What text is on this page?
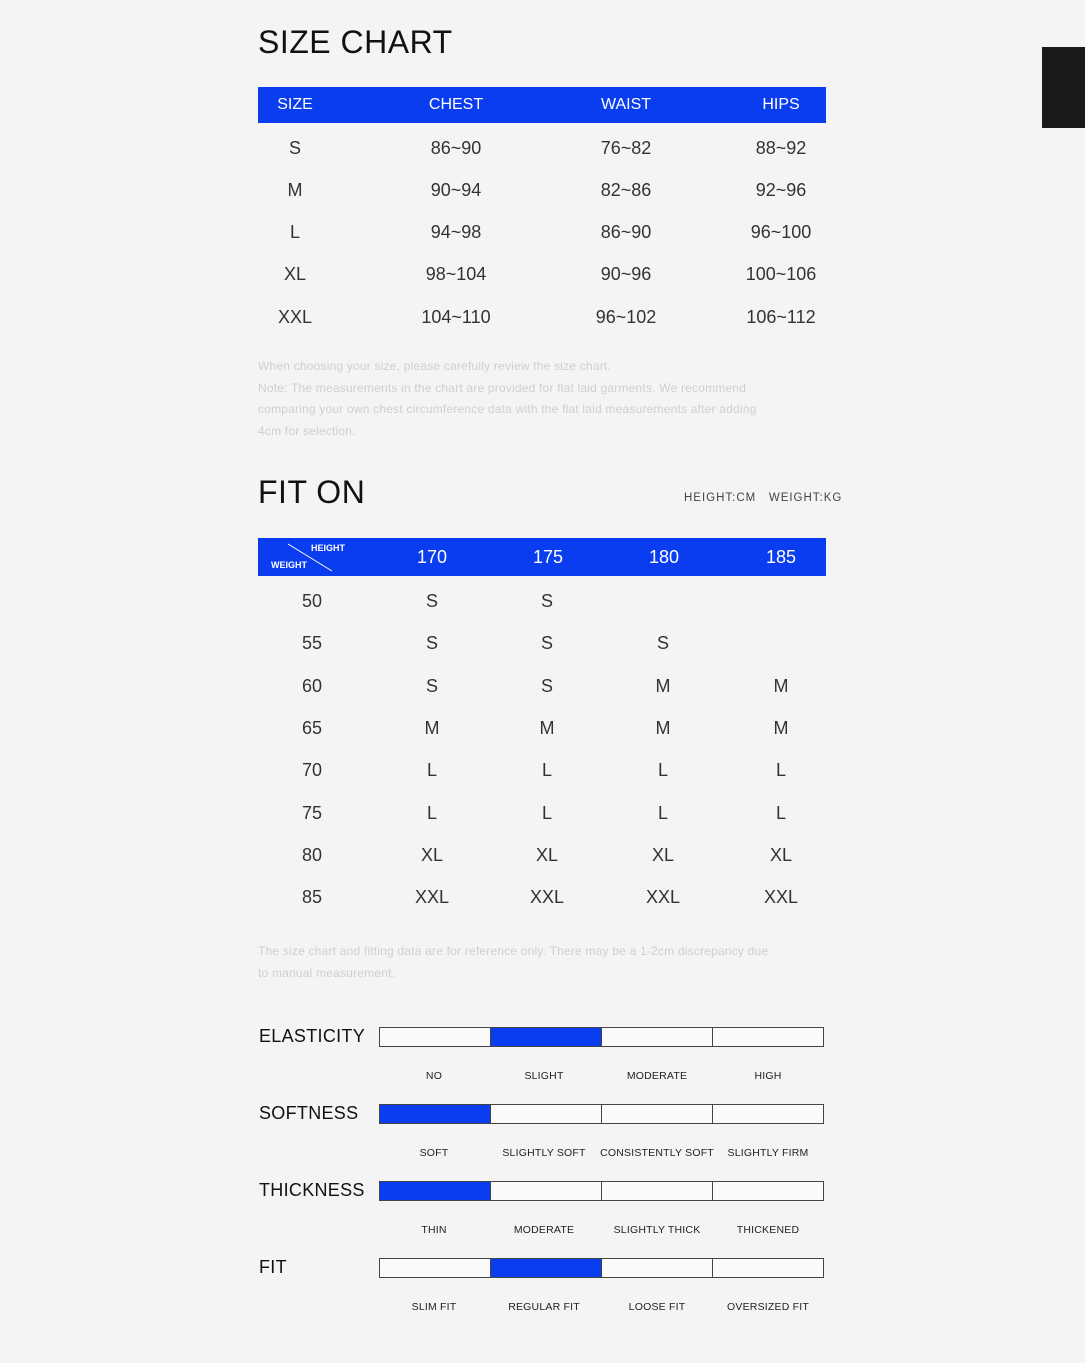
SIZE CHART
SIZE	CHEST	WAIST	HIPS
S	86~90	76~82	88~92
M	90~94	82~86	92~96
L	94~98	86~90	96~100
XL	98~104	90~96	100~106
XXL	104~110	96~102	106~112
When choosing your size, please carefully review the size chart.
Note: The measurements in the chart are provided for flat laid garments. We recommend
comparing your own chest circumference data with the flat laid measurements after adding
4cm for selection.
FIT ON	HEIGHT:CM   WEIGHT:KG
HEIGHT
WEIGHT	170	175	180	185
50	S	S
55	S	S	S
60	S	S	M	M
65	M	M	M	M
70	L	L	L	L
75	L	L	L	L
80	XL	XL	XL	XL
85	XXL	XXL	XXL	XXL
The size chart and fitting data are for reference only. There may be a 1-2cm discrepancy due
to manual measurement.
ELASTICITY
NO	SLIGHT	MODERATE	HIGH
SOFTNESS
SOFT	SLIGHTLY SOFT CONSISTENTLY SOFT SLIGHTLY FIRM
THICKNESS
THIN	MODERATE	SLIGHTLY THICK	THICKENED
FIT
SLIM FIT	REGULAR FIT	LOOSE FIT	OVERSIZED FIT
